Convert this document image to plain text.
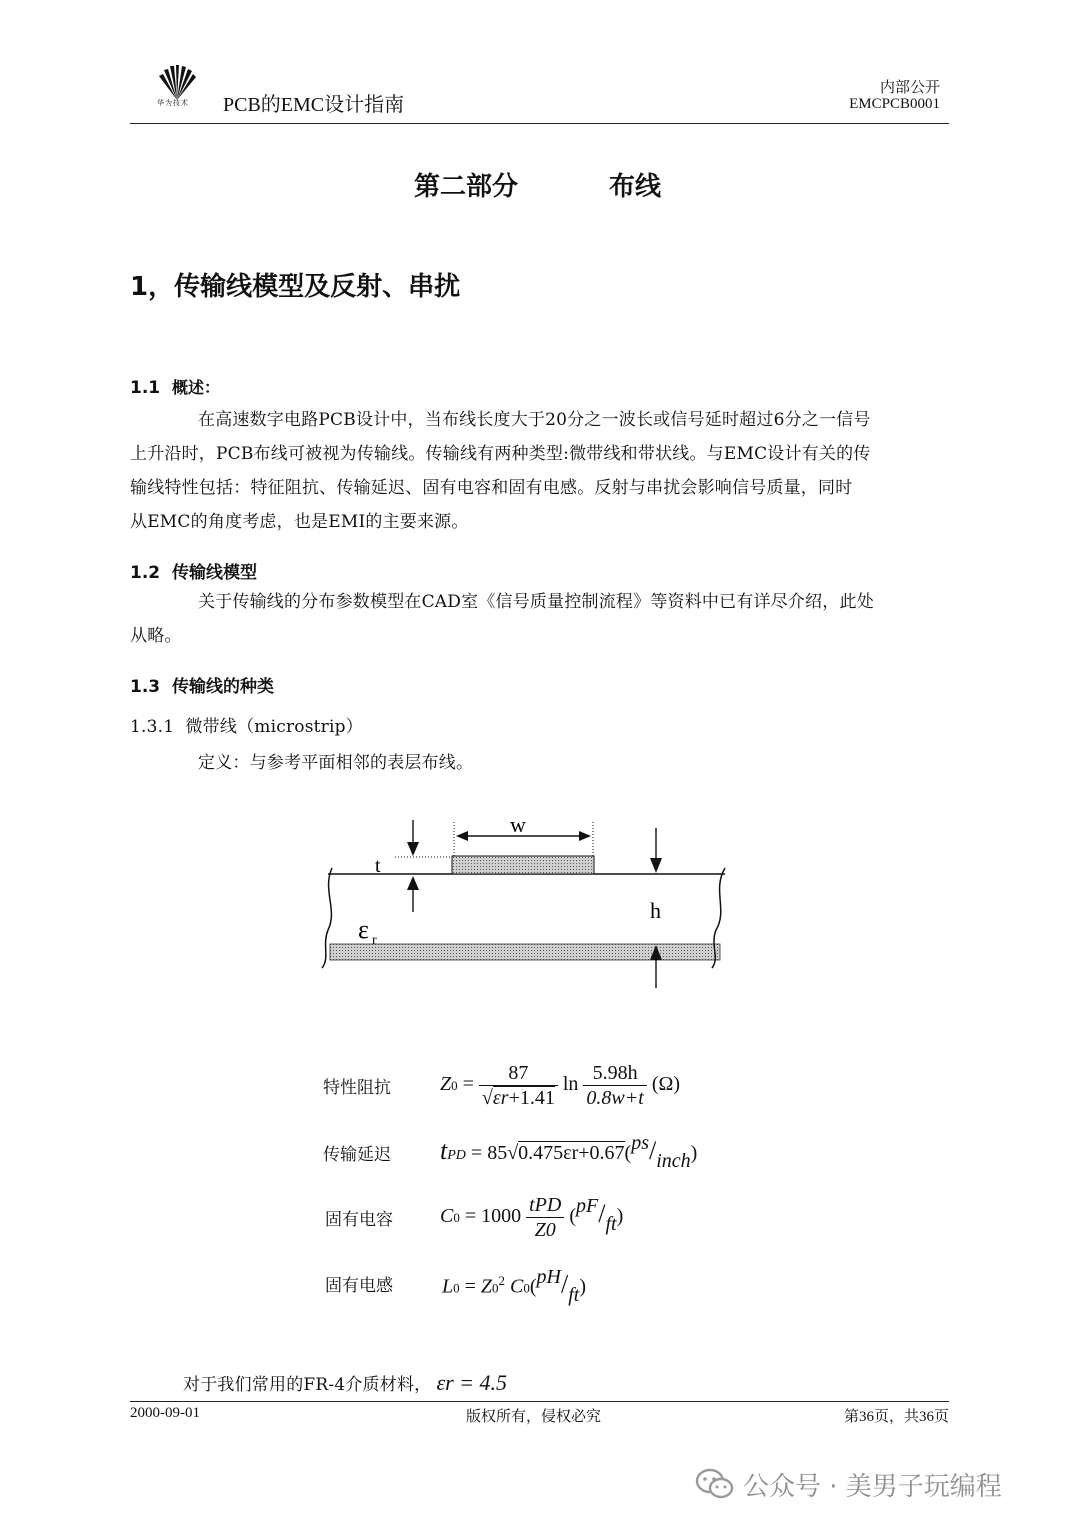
华为技术	PCB的EMC设计指南
内部公开
EMCPCB0001
第二部分	布线
1，传输线模型及反射、串扰
1.1 概述：
在高速数字电路PCB设计中，当布线长度大于20分之一波长或信号延时超过6分之一信号
上升沿时，PCB布线可被视为传输线。传输线有两种类型:微带线和带状线。与EMC设计有关的传
输线特性包括：特征阻抗、传输延迟、固有电容和固有电感。反射与串扰会影响信号质量，同时
从EMC的角度考虑，也是EMI的主要来源。
1.2 传输线模型
关于传输线的分布参数模型在CAD室《信号质量控制流程》等资料中已有详尽介绍，此处
从略。
1.3 传输线的种类
1.3.1 微带线（microstrip）
定义：与参考平面相邻的表层布线。
w
t
h
ε r
特性阻抗 $Z0 = \frac{87}{√\varepsilon r+1.41}$ $\ln \frac{5.98h}{0.8w+t} (\Omega)$
传输延迟 tPD = 85√0.475εr+0.67(ps/inch)
固有电容 $C0 = 1000 \frac{\text{tPD}}{Z0} (pF/ft)$
固有电感 $L0 = Z0^2$ C0(pH/ft)
对于我们常用的FR-4介质材料， εr = 4.5
2000-09-01	版权所有，侵权必究	第36页，共36页
公众号 · 美男子玩编程
